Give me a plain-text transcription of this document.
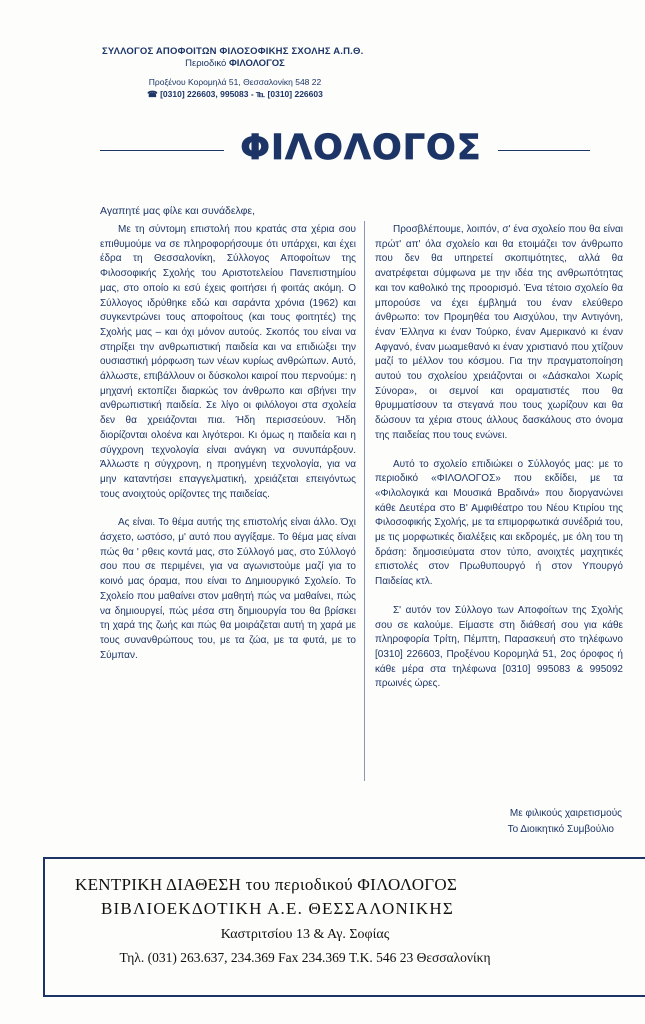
ΣΥΛΛΟΓΟΣ ΑΠΟΦΟΙΤΩΝ ΦΙΛΟΣΟΦΙΚΗΣ ΣΧΟΛΗΣ Α.Π.Θ.
Περιοδικό ΦΙΛΟΛΟΓΟΣ
Προξένου Κορομηλά 51, Θεσσαλονίκη 548 22
☎ [0310] 226603, 995083 - ℡ [0310] 226603
ΦΙΛΟΛΟΓΟΣ
Αγαπητέ μας φίλε και συνάδελφε,

Με τη σύντομη επιστολή που κρατάς στα χέρια σου επιθυμούμε να σε πληροφορήσουμε ότι υπάρχει, και έχει έδρα τη Θεσσαλονίκη, Σύλλογος Αποφοίτων της Φιλοσοφικής Σχολής του Αριστοτελείου Πανεπιστημίου μας, στο οποίο κι εσύ έχεις φοιτήσει ή φοιτάς ακόμη. Ο Σύλλογος ιδρύθηκε εδώ και σαράντα χρόνια (1962) και συγκεντρώνει τους αποφοίτους (και τους φοιτητές) της Σχολής μας – και όχι μόνον αυτούς. Σκοπός του είναι να στηρίξει την ανθρωπιστική παιδεία και να επιδιώξει την ουσιαστική μόρφωση των νέων κυρίως ανθρώπων. Αυτό, άλλωστε, επιβάλλουν οι δύσκολοι καιροί που περνούμε: η μηχανή εκτοπίζει διαρκώς τον άνθρωπο και σβήνει την ανθρωπιστική παιδεία. Σε λίγο οι φιλόλογοι στα σχολεία δεν θα χρειάζονται πια. Ήδη περισσεύουν. Ήδη διορίζονται ολοένα και λιγότεροι. Κι όμως η παιδεία και η σύγχρονη τεχνολογία είναι ανάγκη να συνυπάρξουν. Άλλωστε η σύγχρονη, η προηγμένη τεχνολογία, για να μην καταντήσει επαγγελματική, χρειάζεται επειγόντως τους ανοιχτούς ορίζοντες της παιδείας.

Ας είναι. Το θέμα αυτής της επιστολής είναι άλλο. Όχι άσχετο, ωστόσο, μ' αυτό που αγγίξαμε. Το θέμα μας είναι πώς θα ' ρθεις κοντά μας, στο Σύλλογό μας, στο Σύλλογό σου που σε περιμένει, για να αγωνιστούμε μαζί για το κοινό μας όραμα, που είναι το Δημιουργικό Σχολείο. Το Σχολείο που μαθαίνει στον μαθητή πώς να μαθαίνει, πώς να δημιουργεί, πώς μέσα στη δημιουργία του θα βρίσκει τη χαρά της ζωής και πώς θα μοιράζεται αυτή τη χαρά με τους συνανθρώπους του, με τα ζώα, με τα φυτά, με το Σύμπαν.

Προσβλέπουμε, λοιπόν, σ' ένα σχολείο που θα είναι πρώτ' απ' όλα σχολείο και θα ετοιμάζει τον άνθρωπο που δεν θα υπηρετεί σκοπιμότητες, αλλά θα ανατρέφεται σύμφωνα με την ιδέα της ανθρωπότητας και τον καθολικό της προορισμό. Ένα τέτοιο σχολείο θα μπορούσε να έχει έμβλημά του έναν ελεύθερο άνθρωπο: τον Προμηθέα του Αισχύλου, την Αντιγόνη, έναν Έλληνα κι έναν Τούρκο, έναν Αμερικανό κι έναν Αφγανό, έναν μωαμεθανό κι έναν χριστιανό που χτίζουν μαζί το μέλλον του κόσμου. Για την πραγματοποίηση αυτού του σχολείου χρειάζονται οι «Δάσκαλοι Χωρίς Σύνορα», οι σεμνοί και οραματιστές που θα θρυμματίσουν τα στεγανά που τους χωρίζουν και θα δώσουν τα χέρια στους άλλους δασκάλους στο όνομα της παιδείας που τους ενώνει.

Αυτό το σχολείο επιδιώκει ο Σύλλογός μας: με το περιοδικό «ΦΙΛΟΛΟΓΟΣ» που εκδίδει, με τα «Φιλολογικά και Μουσικά Βραδινά» που διοργανώνει κάθε Δευτέρα στο Β' Αμφιθέατρο του Νέου Κτιρίου της Φιλοσοφικής Σχολής, με τα επιμορφωτικά συνέδριά του, με τις μορφωτικές διαλέξεις και εκδρομές, με όλη του τη δράση: δημοσιεύματα στον τύπο, ανοιχτές μαχητικές επιστολές στον Πρωθυπουργό ή στον Υπουργό Παιδείας κτλ.

Σ' αυτόν τον Σύλλογο των Αποφοίτων της Σχολής σου σε καλούμε. Είμαστε στη διάθεσή σου για κάθε πληροφορία Τρίτη, Πέμπτη, Παρασκευή στο τηλέφωνο [0310] 226603, Προξένου Κορομηλά 51, 2ος όροφος ή κάθε μέρα στα τηλέφωνα [0310] 995083 & 995092 πρωινές ώρες.

Με φιλικούς χαιρετισμούς
Το Διοικητικό Συμβούλιο
ΚΕΝΤΡΙΚΗ ΔΙΑΘΕΣΗ του περιοδικού ΦΙΛΟΛΟΓΟΣ
ΒΙΒΛΙΟΕΚΔΟΤΙΚΗ Α.Ε. ΘΕΣΣΑΛΟΝΙΚΗΣ
Καστριτσίου 13 & Αγ. Σοφίας
Τηλ. (031) 263.637, 234.369 Fax 234.369 Τ.Κ. 546 23 Θεσσαλονίκη
